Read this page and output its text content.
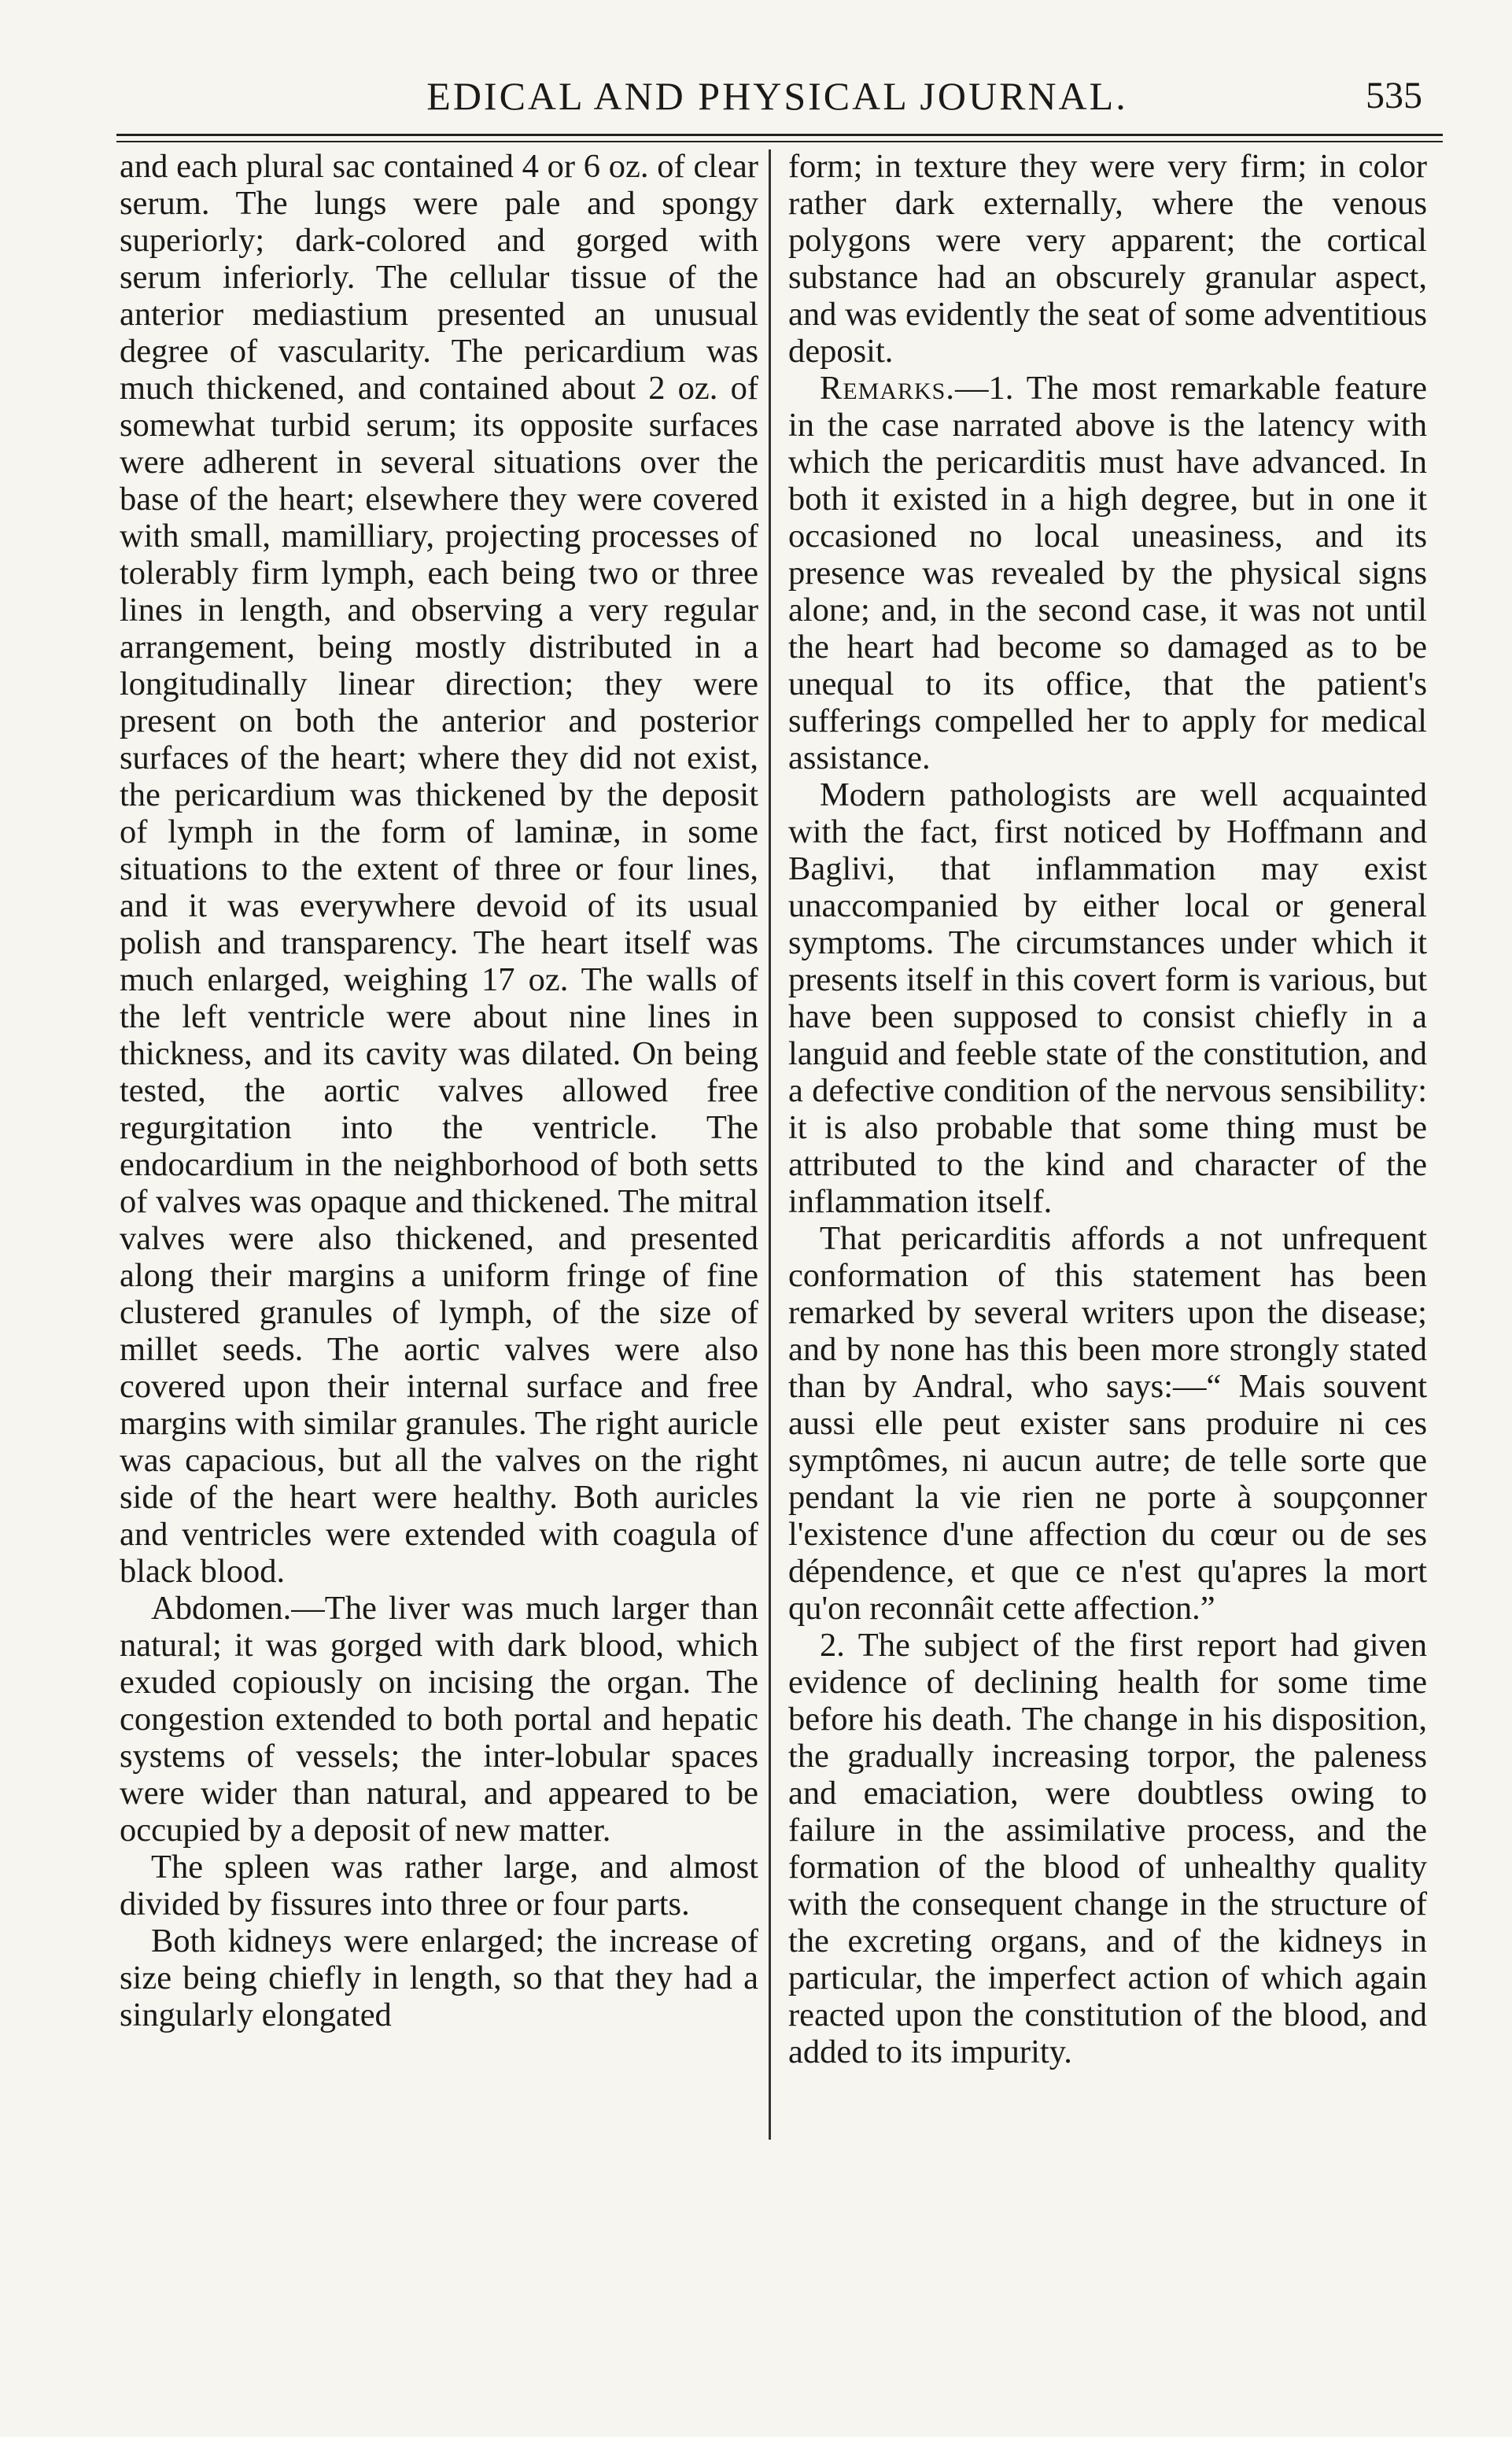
EDICAL AND PHYSICAL JOURNAL.	535

and each plural sac contained 4 or 6 oz. of clear serum. The lungs were pale and spongy superiorly; dark-colored and gorged with serum inferiorly. The cellular tissue of the anterior mediastium presented an unusual degree of vascularity. The pericardium was much thickened, and contained about 2 oz. of somewhat turbid serum; its opposite surfaces were adherent in several situations over the base of the heart; elsewhere they were covered with small, mamilliary, projecting processes of tolerably firm lymph, each being two or three lines in length, and observing a very regular arrangement, being mostly distributed in a longitudinally linear direction; they were present on both the anterior and posterior surfaces of the heart; where they did not exist, the pericardium was thickened by the deposit of lymph in the form of laminæ, in some situations to the extent of three or four lines, and it was everywhere devoid of its usual polish and transparency. The heart itself was much enlarged, weighing 17 oz. The walls of the left ventricle were about nine lines in thickness, and its cavity was dilated. On being tested, the aortic valves allowed free regurgitation into the ventricle. The endocardium in the neighborhood of both setts of valves was opaque and thickened. The mitral valves were also thickened, and presented along their margins a uniform fringe of fine clustered granules of lymph, of the size of millet seeds. The aortic valves were also covered upon their internal surface and free margins with similar granules. The right auricle was capacious, but all the valves on the right side of the heart were healthy. Both auricles and ventricles were extended with coagula of black blood.

Abdomen.—The liver was much larger than natural; it was gorged with dark blood, which exuded copiously on incising the organ. The congestion extended to both portal and hepatic systems of vessels; the inter-lobular spaces were wider than natural, and appeared to be occupied by a deposit of new matter.

The spleen was rather large, and almost divided by fissures into three or four parts.

Both kidneys were enlarged; the increase of size being chiefly in length, so that they had a singularly elongated

form; in texture they were very firm; in color rather dark externally, where the venous polygons were very apparent; the cortical substance had an obscurely granular aspect, and was evidently the seat of some adventitious deposit.

Remarks.—1. The most remarkable feature in the case narrated above is the latency with which the pericarditis must have advanced. In both it existed in a high degree, but in one it occasioned no local uneasiness, and its presence was revealed by the physical signs alone; and, in the second case, it was not until the heart had become so damaged as to be unequal to its office, that the patient's sufferings compelled her to apply for medical assistance.

Modern pathologists are well acquainted with the fact, first noticed by Hoffmann and Baglivi, that inflammation may exist unaccompanied by either local or general symptoms. The circumstances under which it presents itself in this covert form is various, but have been supposed to consist chiefly in a languid and feeble state of the constitution, and a defective condition of the nervous sensibility: it is also probable that some thing must be attributed to the kind and character of the inflammation itself.

That pericarditis affords a not unfrequent conformation of this statement has been remarked by several writers upon the disease; and by none has this been more strongly stated than by Andral, who says:—“ Mais souvent aussi elle peut exister sans produire ni ces symptômes, ni aucun autre; de telle sorte que pendant la vie rien ne porte à soupçonner l'existence d'une affection du cœur ou de ses dépendence, et que ce n'est qu'apres la mort qu'on reconnâit cette affection.”

2. The subject of the first report had given evidence of declining health for some time before his death. The change in his disposition, the gradually increasing torpor, the paleness and emaciation, were doubtless owing to failure in the assimilative process, and the formation of the blood of unhealthy quality with the consequent change in the structure of the excreting organs, and of the kidneys in particular, the imperfect action of which again reacted upon the constitution of the blood, and added to its impurity.
